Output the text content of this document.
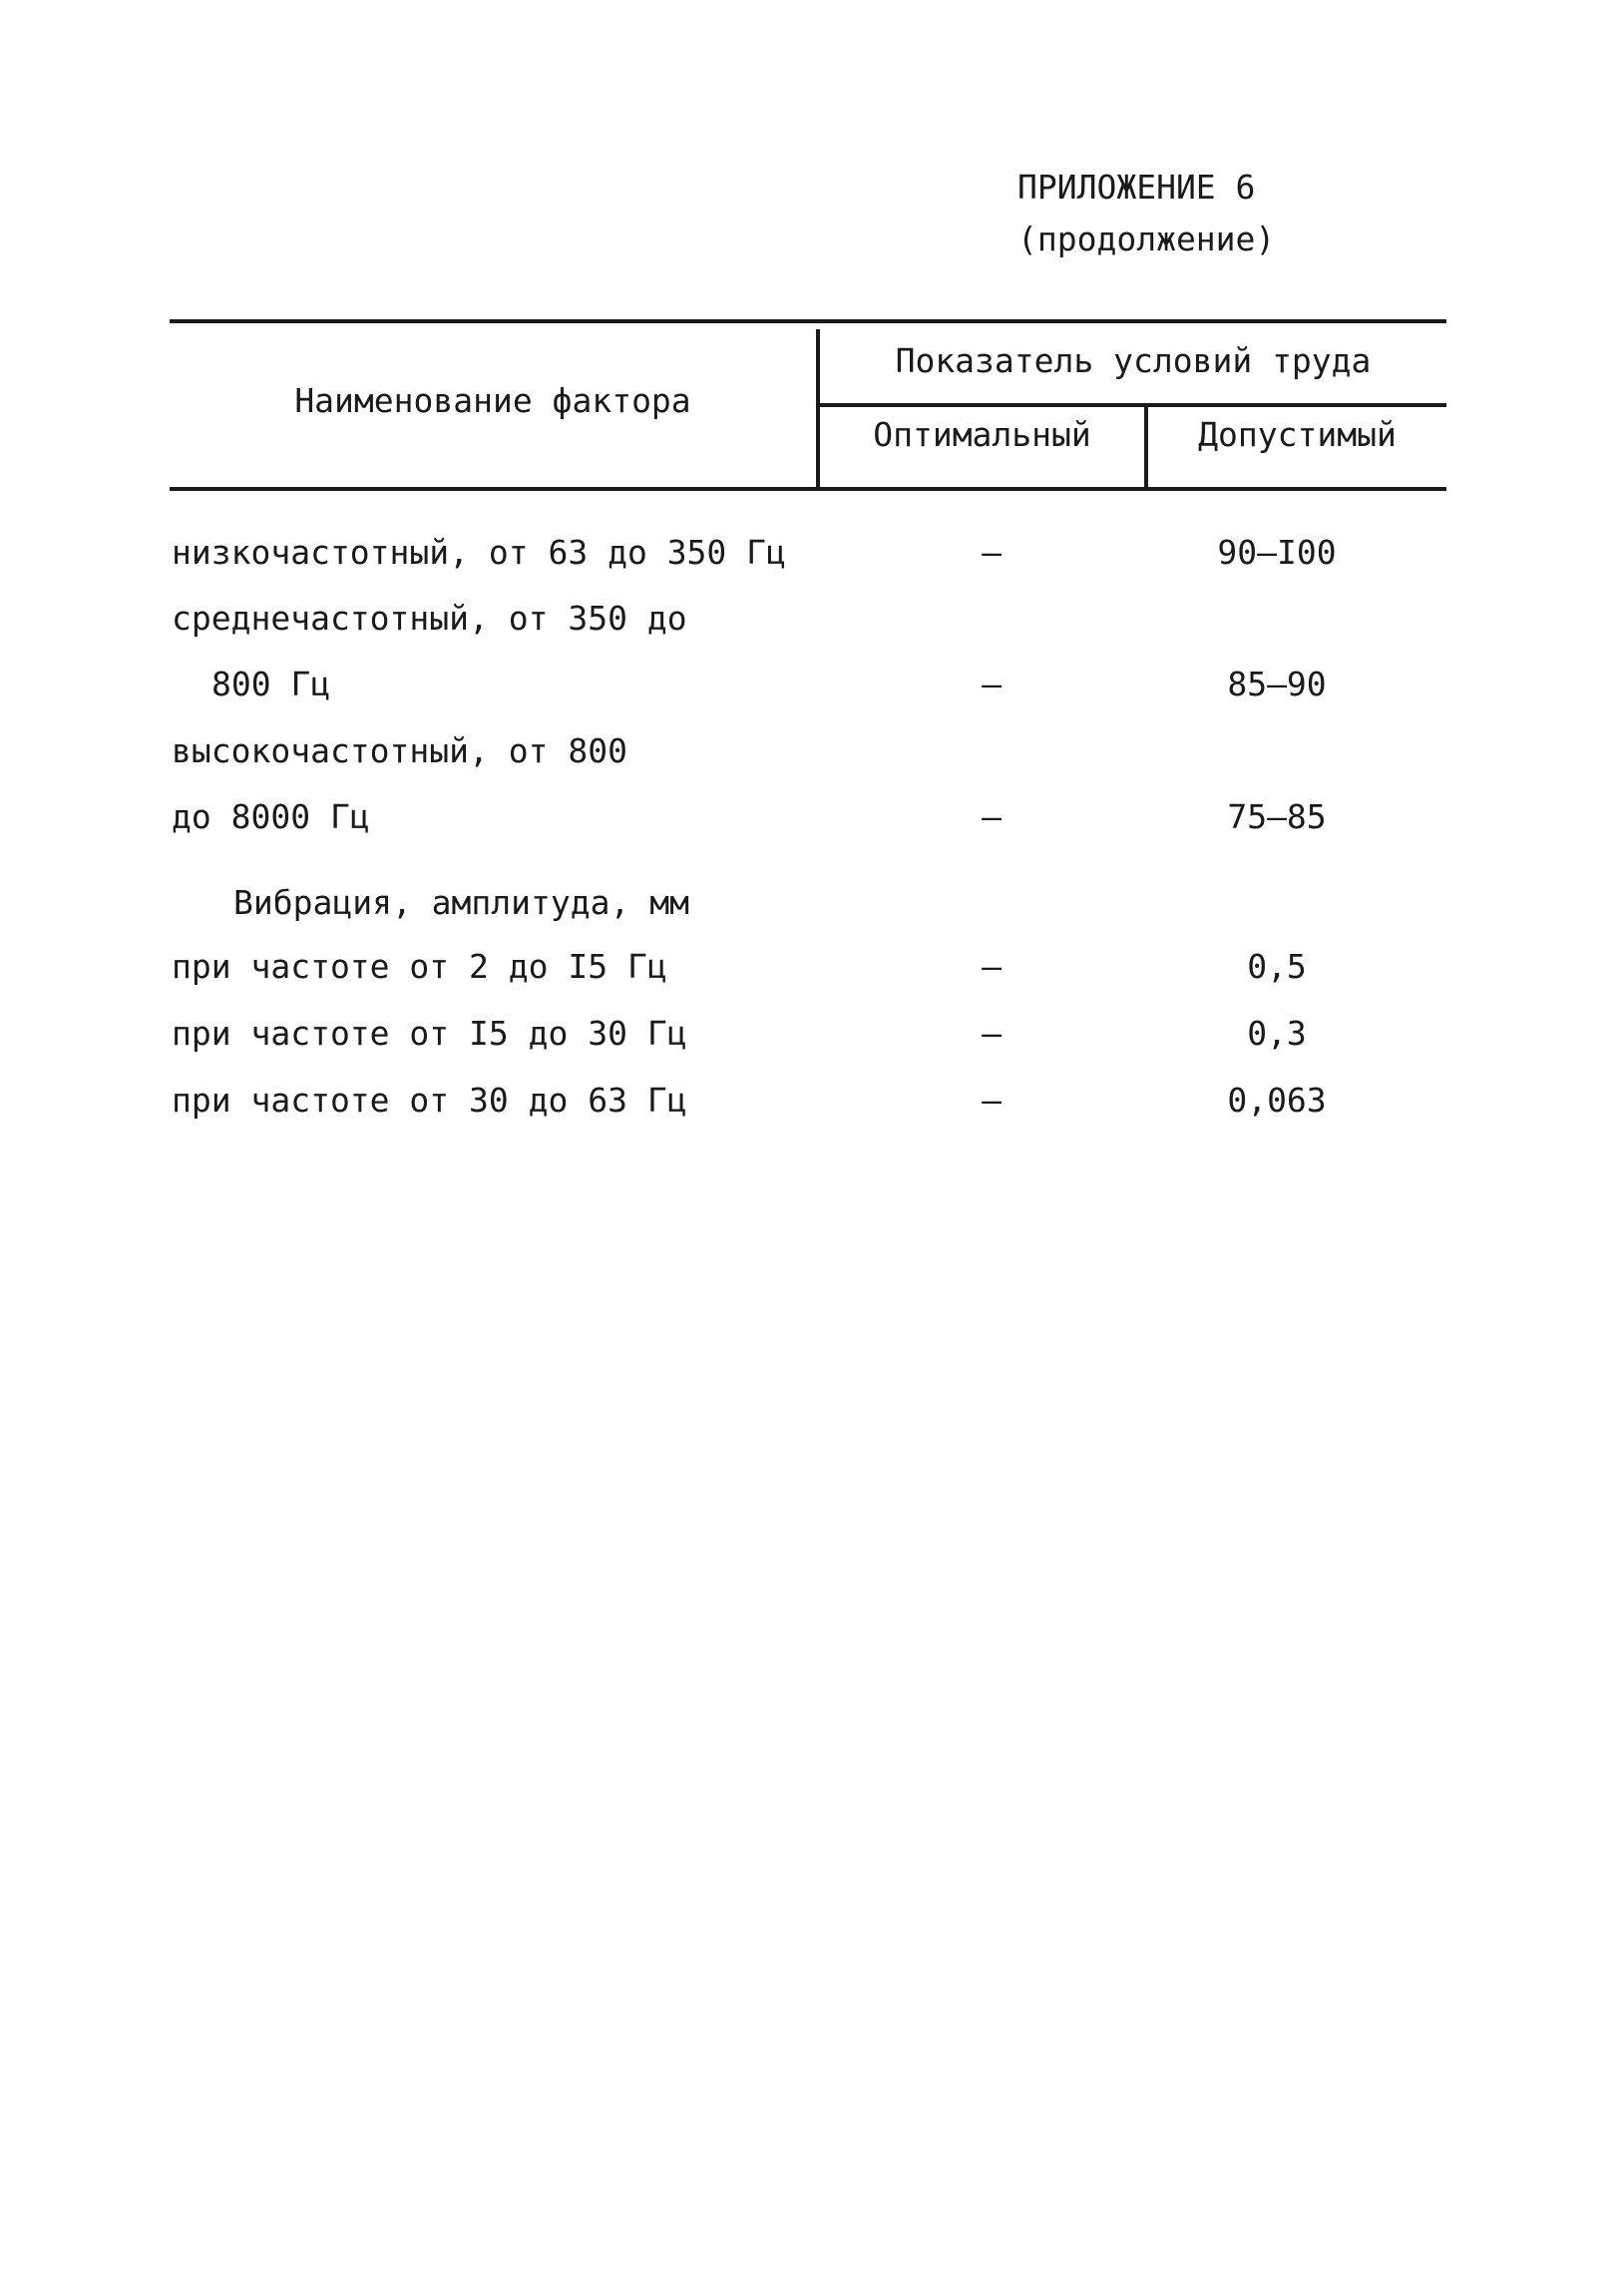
ПРИЛОЖЕНИЕ 6
(продолжение)
Наименование фактора
Показатель условий труда
Оптимальный	Допустимый
низкочастотный, от 63 до 350 Гц	–	90–I00
среднечастотный, от 350 до
800 Гц	–	85–90
высокочастотный, от 800
до 8000 Гц	–	75–85
Вибрация, амплитуда, мм
при частоте от 2 до I5 Гц	–	0,5
при частоте от I5 до 30 Гц	–	0,3
при частоте от 30 до 63 Гц	–	0,063
